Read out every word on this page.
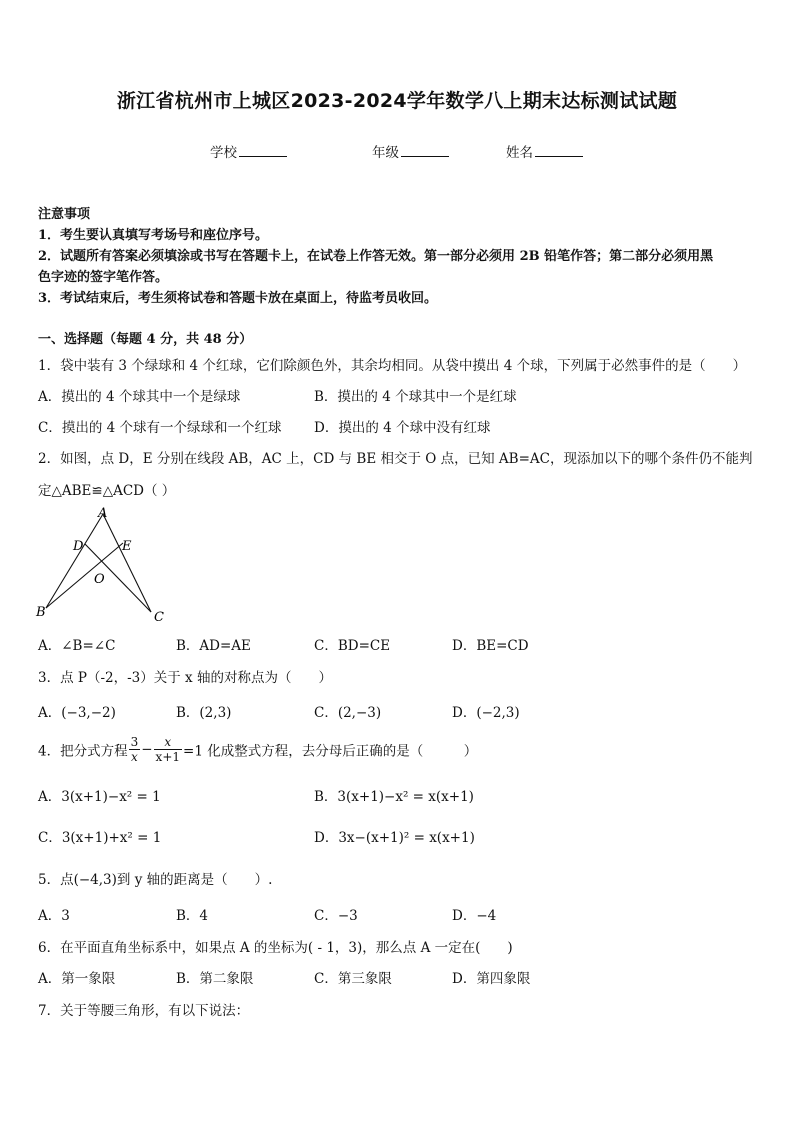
浙江省杭州市上城区2023-2024学年数学八上期末达标测试试题
学校	年级	姓名
注意事项
1．考生要认真填写考场号和座位序号。
2．试题所有答案必须填涂或书写在答题卡上，在试卷上作答无效。第一部分必须用 2B 铅笔作答；第二部分必须用黑
色字迹的签字笔作答。
3．考试结束后，考生须将试卷和答题卡放在桌面上，待监考员收回。
一、选择题（每题 4 分，共 48 分）
1．袋中装有 3 个绿球和 4 个红球，它们除颜色外，其余均相同。从袋中摸出 4 个球，下列属于必然事件的是（　　）
A．摸出的 4 个球其中一个是绿球	B．摸出的 4 个球其中一个是红球
C．摸出的 4 个球有一个绿球和一个红球 D．摸出的 4 个球中没有红球
2．如图，点 D，E 分别在线段 AB，AC 上，CD 与 BE 相交于 O 点，已知 AB=AC，现添加以下的哪个条件仍不能判
定△ABE≌△ACD（ ）
A
D	E
O
B	C
A．∠B=∠C	B．AD=AE	C．BD=CE	D．BE=CD
3．点 P（-2，-3）关于 x 轴的对称点为（　　）
A．(−3,−2)	B．(2,3)	C．(2,−3)	D．(−2,3)
4．把分式方程 $\frac{3}{x} - \frac{x}{x+1} =1$ 化成整式方程，去分母后正确的是（　　　）
A．3(x+1)−x² = 1	B．3(x+1)−x² = x(x+1)
C．3(x+1)+x² = 1	D．3x−(x+1)² = x(x+1)
5．点(−4,3)到 y 轴的距离是（　　）.
A．3	B．4	C．−3	D．−4
6．在平面直角坐标系中，如果点 A 的坐标为( - 1，3)，那么点 A 一定在(　　)
A．第一象限	B．第二象限	C．第三象限	D．第四象限
7．关于等腰三角形，有以下说法：
